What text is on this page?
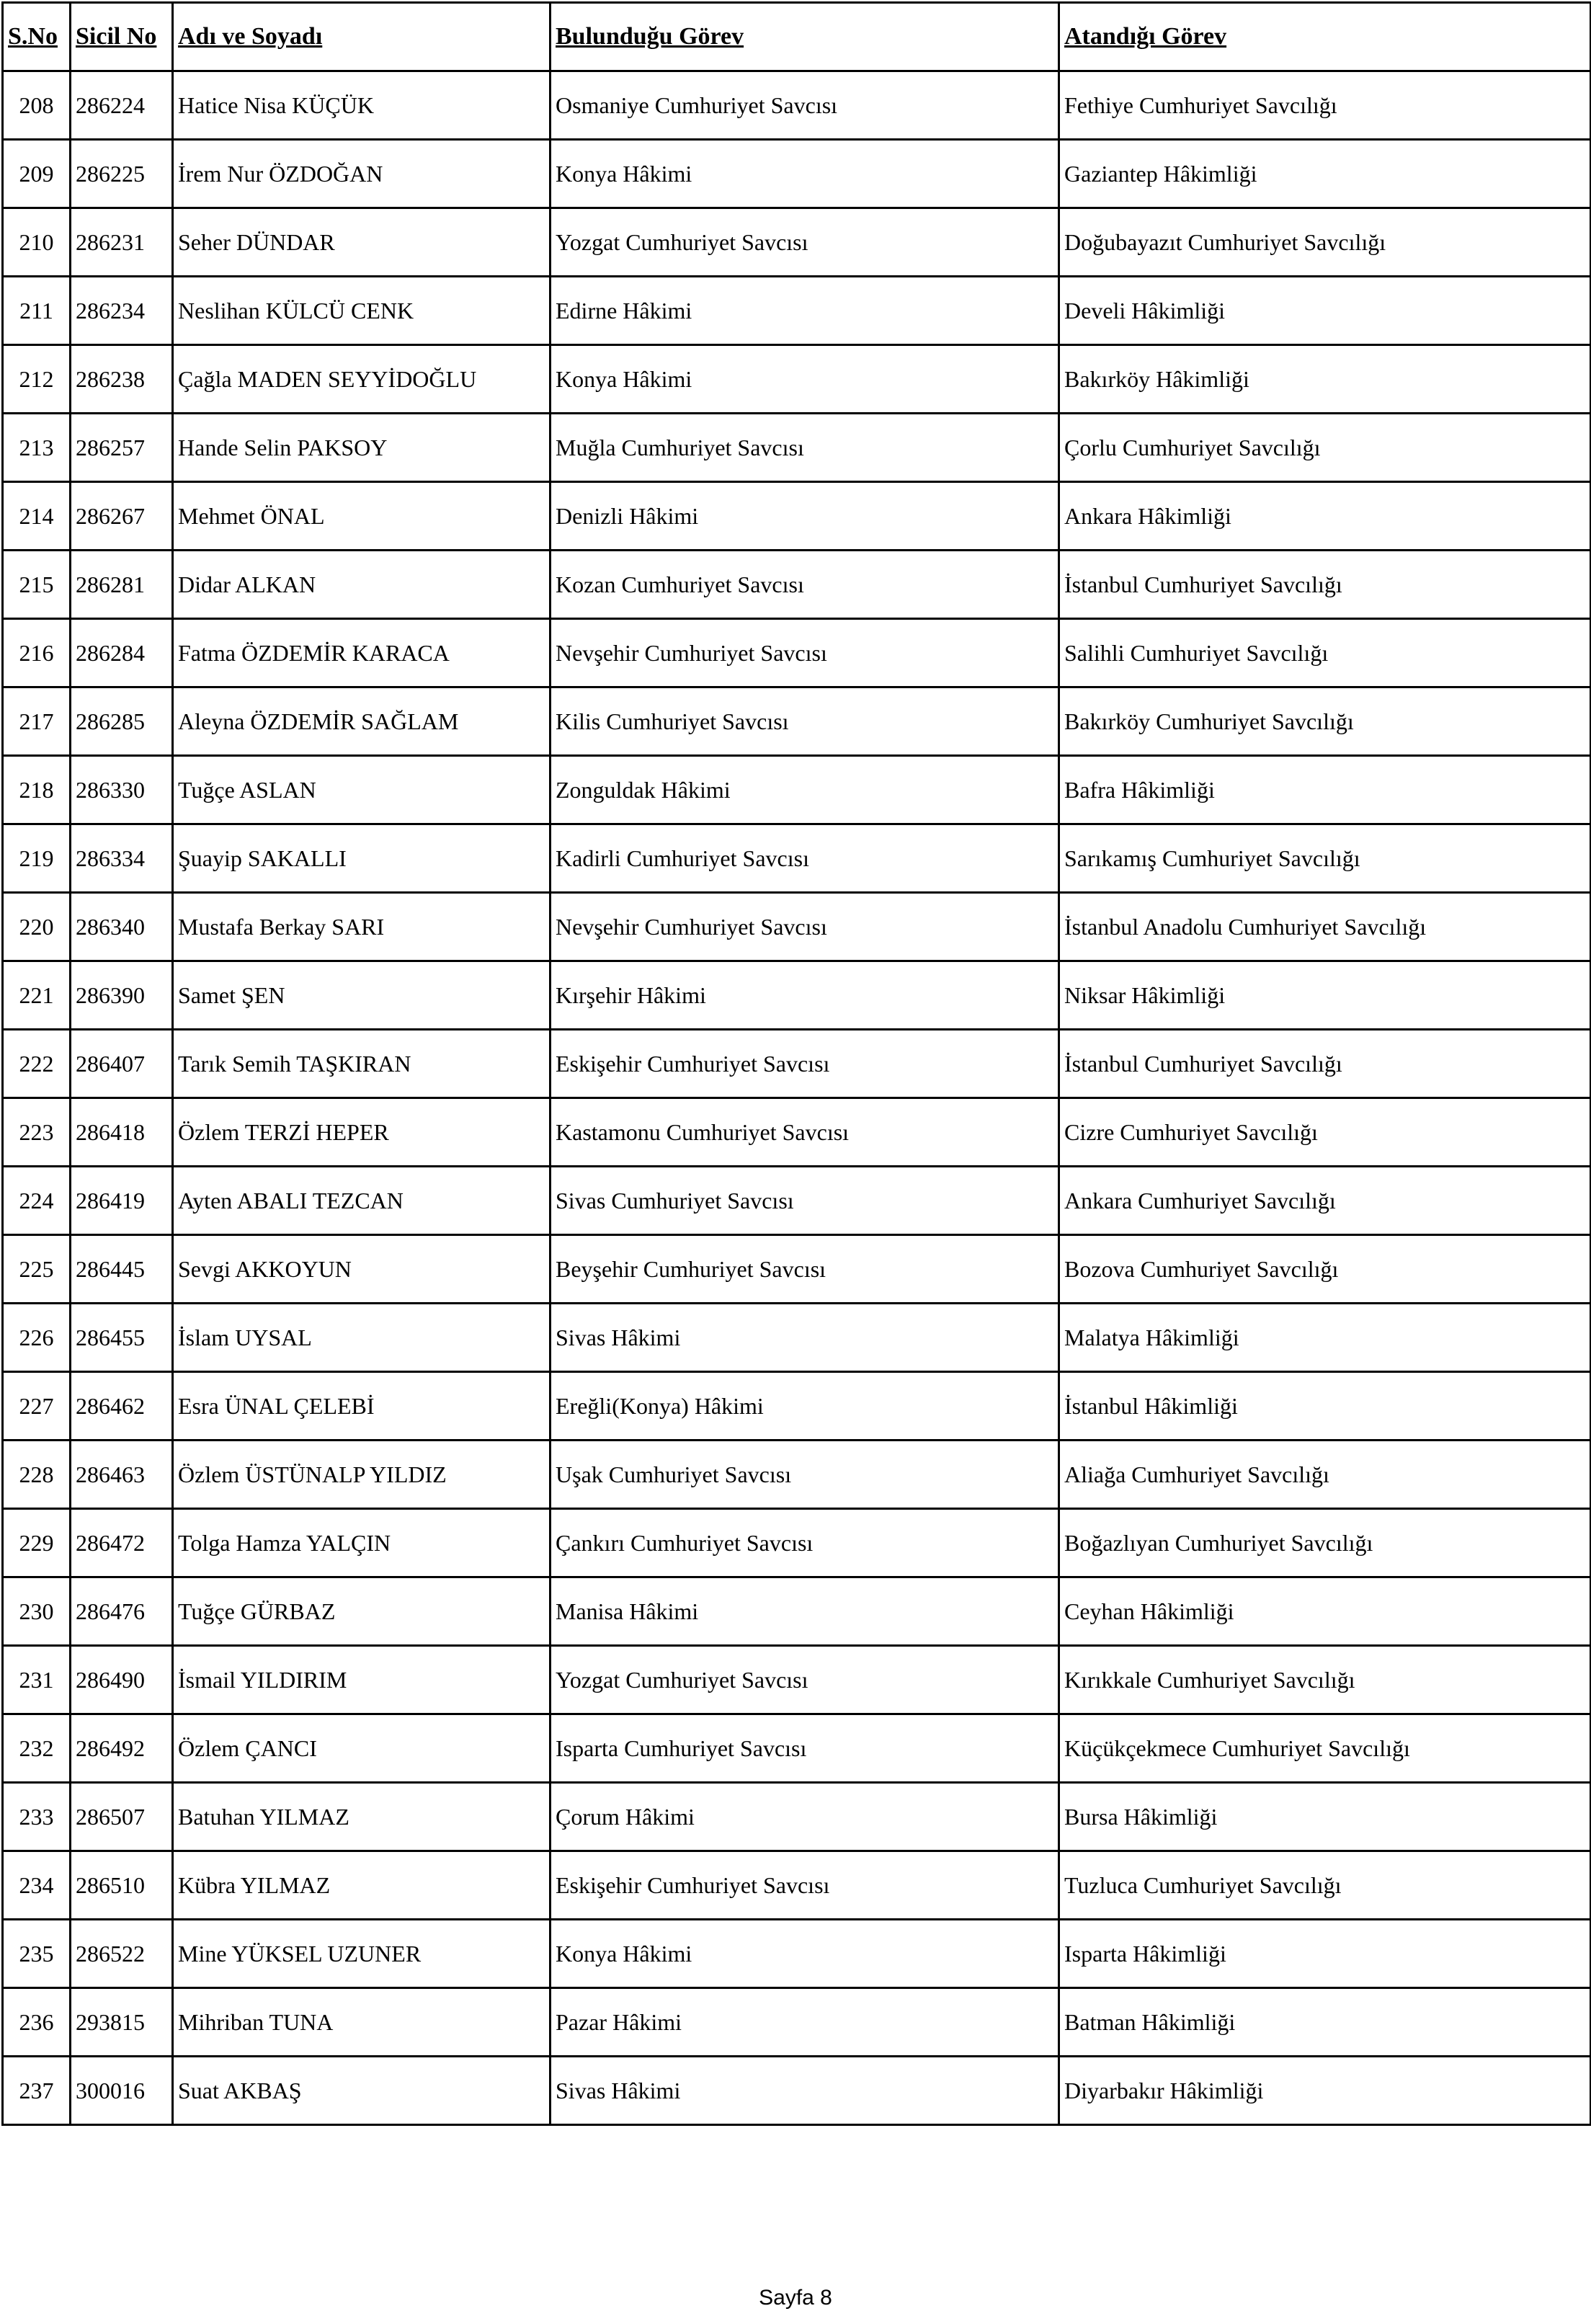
S.No	Sicil No	Adı ve Soyadı	Bulunduğu Görev	Atandığı Görev
208	286224	Hatice Nisa KÜÇÜK	Osmaniye Cumhuriyet Savcısı	Fethiye Cumhuriyet Savcılığı
209	286225	İrem Nur ÖZDOĞAN	Konya Hâkimi	Gaziantep Hâkimliği
210	286231	Seher DÜNDAR	Yozgat Cumhuriyet Savcısı	Doğubayazıt Cumhuriyet Savcılığı
211	286234	Neslihan KÜLCÜ CENK	Edirne Hâkimi	Develi Hâkimliği
212	286238	Çağla MADEN SEYYİDOĞLU	Konya Hâkimi	Bakırköy Hâkimliği
213	286257	Hande Selin PAKSOY	Muğla Cumhuriyet Savcısı	Çorlu Cumhuriyet Savcılığı
214	286267	Mehmet ÖNAL	Denizli Hâkimi	Ankara Hâkimliği
215	286281	Didar ALKAN	Kozan Cumhuriyet Savcısı	İstanbul Cumhuriyet Savcılığı
216	286284	Fatma ÖZDEMİR KARACA	Nevşehir Cumhuriyet Savcısı	Salihli Cumhuriyet Savcılığı
217	286285	Aleyna ÖZDEMİR SAĞLAM	Kilis Cumhuriyet Savcısı	Bakırköy Cumhuriyet Savcılığı
218	286330	Tuğçe ASLAN	Zonguldak Hâkimi	Bafra Hâkimliği
219	286334	Şuayip SAKALLI	Kadirli Cumhuriyet Savcısı	Sarıkamış Cumhuriyet Savcılığı
220	286340	Mustafa Berkay SARI	Nevşehir Cumhuriyet Savcısı	İstanbul Anadolu Cumhuriyet Savcılığı
221	286390	Samet ŞEN	Kırşehir Hâkimi	Niksar Hâkimliği
222	286407	Tarık Semih TAŞKIRAN	Eskişehir Cumhuriyet Savcısı	İstanbul Cumhuriyet Savcılığı
223	286418	Özlem TERZİ HEPER	Kastamonu Cumhuriyet Savcısı	Cizre Cumhuriyet Savcılığı
224	286419	Ayten ABALI TEZCAN	Sivas Cumhuriyet Savcısı	Ankara Cumhuriyet Savcılığı
225	286445	Sevgi AKKOYUN	Beyşehir Cumhuriyet Savcısı	Bozova Cumhuriyet Savcılığı
226	286455	İslam UYSAL	Sivas Hâkimi	Malatya Hâkimliği
227	286462	Esra ÜNAL ÇELEBİ	Ereğli(Konya) Hâkimi	İstanbul Hâkimliği
228	286463	Özlem ÜSTÜNALP YILDIZ	Uşak Cumhuriyet Savcısı	Aliağa Cumhuriyet Savcılığı
229	286472	Tolga Hamza YALÇIN	Çankırı Cumhuriyet Savcısı	Boğazlıyan Cumhuriyet Savcılığı
230	286476	Tuğçe GÜRBAZ	Manisa Hâkimi	Ceyhan Hâkimliği
231	286490	İsmail YILDIRIM	Yozgat Cumhuriyet Savcısı	Kırıkkale Cumhuriyet Savcılığı
232	286492	Özlem ÇANCI	Isparta Cumhuriyet Savcısı	Küçükçekmece Cumhuriyet Savcılığı
233	286507	Batuhan YILMAZ	Çorum Hâkimi	Bursa Hâkimliği
234	286510	Kübra YILMAZ	Eskişehir Cumhuriyet Savcısı	Tuzluca Cumhuriyet Savcılığı
235	286522	Mine YÜKSEL UZUNER	Konya Hâkimi	Isparta Hâkimliği
236	293815	Mihriban TUNA	Pazar Hâkimi	Batman Hâkimliği
237	300016	Suat AKBAŞ	Sivas Hâkimi	Diyarbakır Hâkimliği
Sayfa 8
